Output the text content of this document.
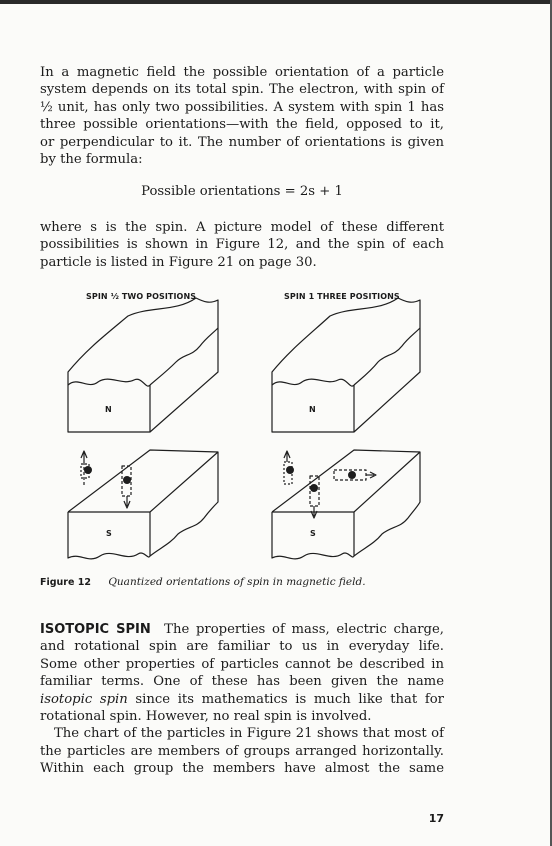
In a magnetic field the possible orientation of a particle
system depends on its total spin. The electron, with spin of
½ unit, has only two possibilities. A system with spin 1 has
three possible orientations—with the field, opposed to it,
or perpendicular to it. The number of orientations is given
by the formula:
Possible orientations = 2s + 1
where s is the spin. A picture model of these different
possibilities is shown in Figure 12, and the spin of each
particle is listed in Figure 21 on page 30.
SPIN ½ TWO POSITIONS	SPIN 1 THREE POSITIONS
N
S
N
S
Figure 12 Quantized orientations of spin in magnetic field.
ISOTOPIC SPIN The properties of mass, electric charge,
and rotational spin are familiar to us in everyday life.
Some other properties of particles cannot be described in
familiar terms. One of these has been given the name
isotopic spin since its mathematics is much like that for
rotational spin. However, no real spin is involved.
The chart of the particles in Figure 21 shows that most of
the particles are members of groups arranged horizontally.
Within each group the members have almost the same
17
